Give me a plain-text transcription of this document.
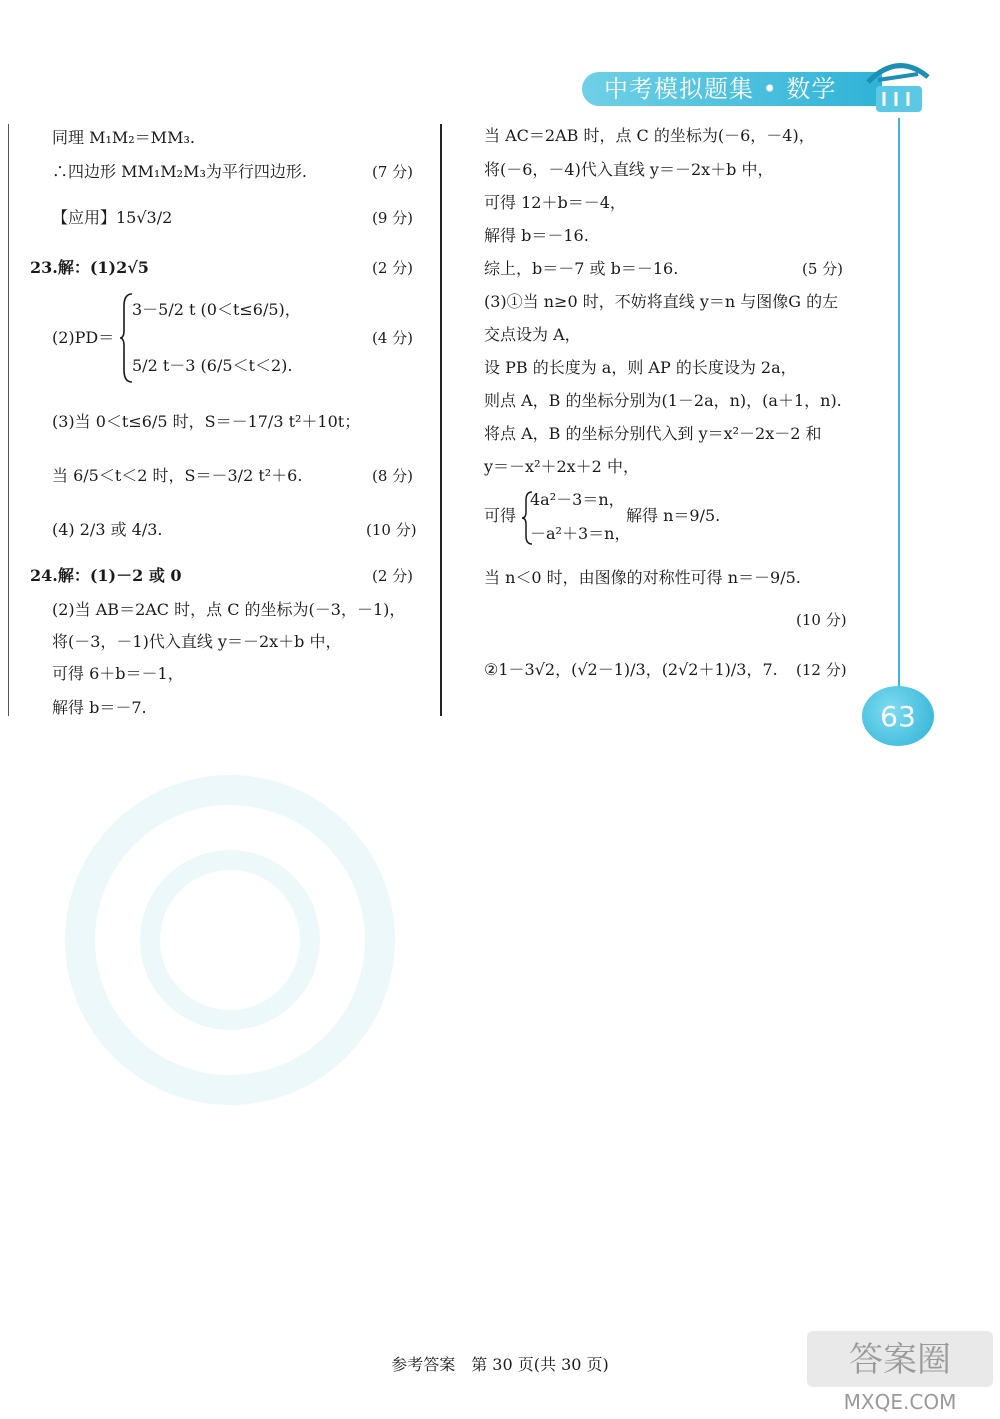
中考模拟题集 • 数学
63
同理 M₁M₂＝MM₃.
∴四边形 MM₁M₂M₃为平行四边形.	(7 分)
【应用】15√3/2	(9 分)
23.解：(1)2√5	(2 分)
(2)PD＝
3－5/2 t (0＜t≤6/5)，
5/2 t－3 (6/5＜t＜2).
(4 分)
(3)当 0＜t≤6/5 时，S＝－17/3 t²＋10t；
当 6/5＜t＜2 时，S＝－3/2 t²＋6.	(8 分)
(4) 2/3 或 4/3.	(10 分)
24.解：(1)－2 或 0	(2 分)
(2)当 AB＝2AC 时，点 C 的坐标为(－3，－1)，
将(－3，－1)代入直线 y＝－2x＋b 中，
可得 6＋b＝－1，
解得 b＝－7.
当 AC＝2AB 时，点 C 的坐标为(－6，－4)，
将(－6，－4)代入直线 y＝－2x＋b 中，
可得 12＋b＝－4，
解得 b＝－16.
综上，b＝－7 或 b＝－16.	(5 分)
(3)①当 n≥0 时，不妨将直线 y＝n 与图像G 的左
交点设为 A，
设 PB 的长度为 a，则 AP 的长度设为 2a，
则点 A，B 的坐标分别为(1－2a，n)，(a＋1，n).
将点 A，B 的坐标分别代入到 y＝x²－2x－2 和
y＝－x²＋2x＋2 中，
可得
4a²－3＝n，
－a²＋3＝n，
解得 n＝9/5.
当 n＜0 时，由图像的对称性可得 n＝－9/5.
(10 分)
②1－3√2，(√2－1)/3，(2√2＋1)/3，7. (12 分)
参考答案　第 30 页(共 30 页)	答案圈
MXQE.COM
